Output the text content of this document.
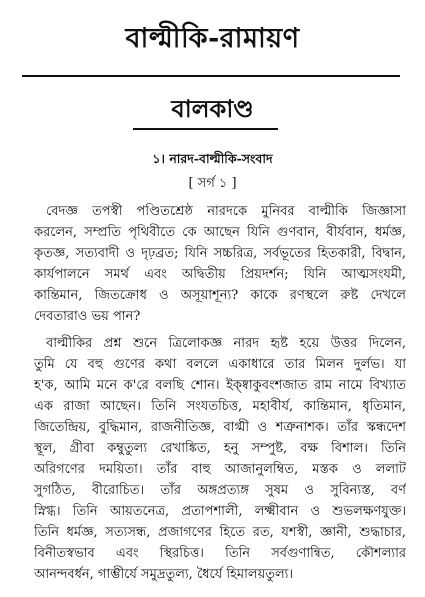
বাল্মীকি-রামায়ণ
বালকাণ্ড
১। নারদ-বাল্মীকি-সংবাদ
[ সর্গ ১ ]
বেদজ্ঞ তপস্বী পণ্ডিতশ্রেষ্ঠ নারদকে মুনিবর বাল্মীকি জিজ্ঞাসা
করলেন, সম্প্রতি পৃথিবীতে কে আছেন যিনি গুণবান, বীর্যবান, ধর্মজ্ঞ,
কৃতজ্ঞ, সত্যবাদী ও দৃঢ়ব্রত; যিনি সচ্চরিত্র, সর্বভূতের হিতকারী, বিদ্বান,
কার্যপালনে সমর্থ এবং অদ্বিতীয় প্রিয়দর্শন; যিনি আত্মসংযমী,
কান্তিমান, জিতক্রোধ ও অসূয়াশূন্য? কাকে রণস্থলে রুষ্ট দেখলে
দেবতারাও ভয় পান?
বাল্মীকির প্রশ্ন শুনে ত্রিলোকজ্ঞ নারদ হৃষ্ট হয়ে উত্তর দিলেন,
তুমি যে বহু গুণের কথা বললে একাধারে তার মিলন দুর্লভ। যা
হ'ক, আমি মনে ক'রে বলছি শোন। ইক্ষ্বাকুবংশজাত রাম নামে বিখ্যাত
এক রাজা আছেন। তিনি সংযতচিত্ত, মহাবীর্য, কান্তিমান, ধৃতিমান,
জিতেন্দ্রিয়, বুদ্ধিমান, রাজনীতিজ্ঞ, বাগ্মী ও শত্রুনাশক। তাঁর স্কন্ধদেশ
স্থূল, গ্রীবা কম্বুতুল্য রেখাঙ্কিত, হনু সম্পুষ্ট, বক্ষ বিশাল। তিনি
অরিগণের দময়িতা। তাঁর বাহু আজানুলম্বিত, মস্তক ও ললাট
সুগঠিত, বীরোচিত। তাঁর অঙ্গপ্রত্যঙ্গ সুষম ও সুবিন্যস্ত, বর্ণ
স্নিগ্ধ। তিনি আয়তনেত্র, প্রতাপশালী, লক্ষ্মীবান ও শুভলক্ষণযুক্ত।
তিনি ধর্মজ্ঞ, সত্যসন্ধ, প্রজাগণের হিতে রত, যশস্বী, জ্ঞানী, শুদ্ধাচার,
বিনীতস্বভাব এবং স্থিরচিত্ত। তিনি সর্বগুণান্বিত, কৌশল্যার
আনন্দবর্ধন, গাম্ভীর্যে সমুদ্রতুল্য, ধৈর্যে হিমালয়তুল্য।
